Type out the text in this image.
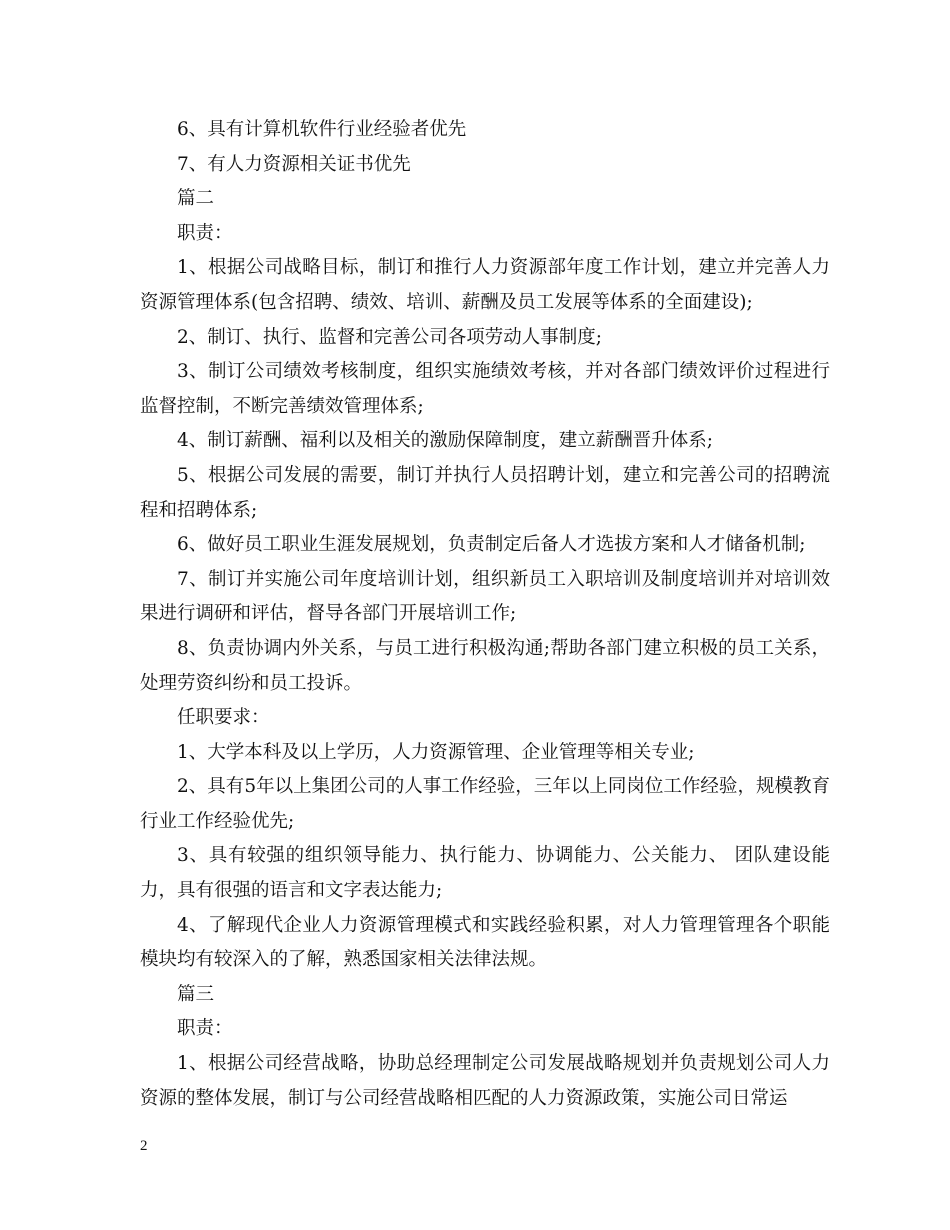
6、具有计算机软件行业经验者优先

7、有人力资源相关证书优先

篇二

职责：

1、根据公司战略目标，制订和推行人力资源部年度工作计划，建立并完善人力资源管理体系(包含招聘、绩效、培训、薪酬及员工发展等体系的全面建设);

2、制订、执行、监督和完善公司各项劳动人事制度;

3、制订公司绩效考核制度，组织实施绩效考核，并对各部门绩效评价过程进行监督控制，不断完善绩效管理体系;

4、制订薪酬、福利以及相关的激励保障制度，建立薪酬晋升体系;

5、根据公司发展的需要，制订并执行人员招聘计划，建立和完善公司的招聘流程和招聘体系;

6、做好员工职业生涯发展规划，负责制定后备人才选拔方案和人才储备机制;

7、制订并实施公司年度培训计划，组织新员工入职培训及制度培训并对培训效果进行调研和评估，督导各部门开展培训工作;

8、负责协调内外关系，与员工进行积极沟通;帮助各部门建立积极的员工关系，处理劳资纠纷和员工投诉。

任职要求：

1、大学本科及以上学历，人力资源管理、企业管理等相关专业;

2、具有5年以上集团公司的人事工作经验，三年以上同岗位工作经验，规模教育行业工作经验优先;

3、具有较强的组织领导能力、执行能力、协调能力、公关能力、 团队建设能力，具有很强的语言和文字表达能力;

4、了解现代企业人力资源管理模式和实践经验积累，对人力管理管理各个职能模块均有较深入的了解，熟悉国家相关法律法规。

篇三

职责：

1、根据公司经营战略，协助总经理制定公司发展战略规划并负责规划公司人力资源的整体发展，制订与公司经营战略相匹配的人力资源政策，实施公司日常运

2
